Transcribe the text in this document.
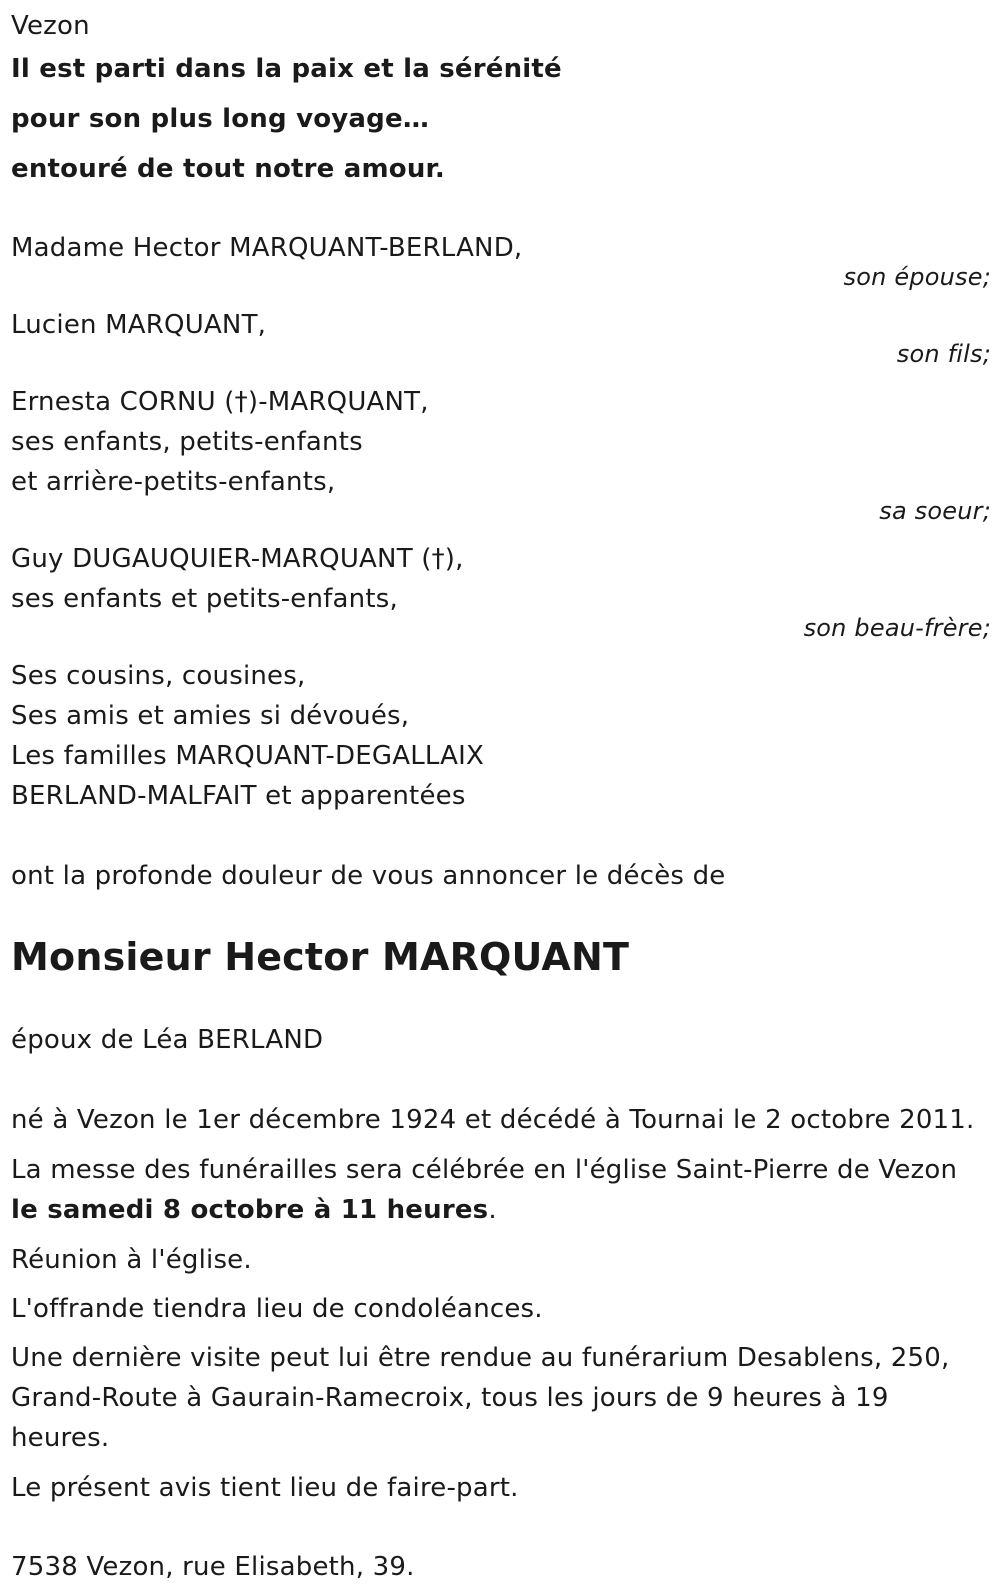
Vezon
Il est parti dans la paix et la sérénité
pour son plus long voyage…
entouré de tout notre amour.
Madame Hector MARQUANT-BERLAND,
son épouse;
Lucien MARQUANT,
son fils;
Ernesta CORNU (†)-MARQUANT,
ses enfants, petits-enfants
et arrière-petits-enfants,
sa soeur;
Guy DUGAUQUIER-MARQUANT (†),
ses enfants et petits-enfants,
son beau-frère;
Ses cousins, cousines,
Ses amis et amies si dévoués,
Les familles MARQUANT-DEGALLAIX
BERLAND-MALFAIT et apparentées
ont la profonde douleur de vous annoncer le décès de
Monsieur Hector MARQUANT
époux de Léa BERLAND
né à Vezon le 1er décembre 1924 et décédé à Tournai le 2 octobre 2011.
La messe des funérailles sera célébrée en l'église Saint-Pierre de Vezon le samedi 8 octobre à 11 heures.
Réunion à l'église.
L'offrande tiendra lieu de condoléances.
Une dernière visite peut lui être rendue au funérarium Desablens, 250, Grand-Route à Gaurain-Ramecroix, tous les jours de 9 heures à 19 heures.
Le présent avis tient lieu de faire-part.
7538 Vezon, rue Elisabeth, 39.
